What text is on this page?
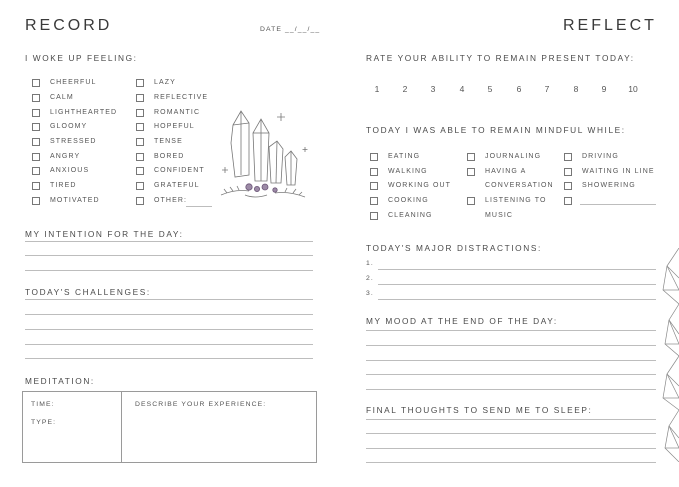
RECORD	DATE __/__/__
I WOKE UP FEELING:
CHEERFUL
CALM
LIGHTHEARTED
GLOOMY
STRESSED
ANGRY
ANXIOUS
TIRED
MOTIVATED
LAZY
REFLECTIVE
ROMANTIC
HOPEFUL
TENSE
BORED
CONFIDENT
GRATEFUL
OTHER:
MY INTENTION FOR THE DAY:
TODAY'S CHALLENGES:
MEDITATION:
TIME:
TYPE:
DESCRIBE YOUR EXPERIENCE:
REFLECT
RATE YOUR ABILITY TO REMAIN PRESENT TODAY:
1	2	3	4	5	6	7	8	9	10
TODAY I WAS ABLE TO REMAIN MINDFUL WHILE:
EATING
WALKING
WORKING OUT
COOKING
CLEANING
JOURNALING
HAVING A
CONVERSATION
LISTENING TO
MUSIC
DRIVING
WAITING IN LINE
SHOWERING
TODAY'S MAJOR DISTRACTIONS:
1.
2.
3.
MY MOOD AT THE END OF THE DAY:
FINAL THOUGHTS TO SEND ME TO SLEEP:
